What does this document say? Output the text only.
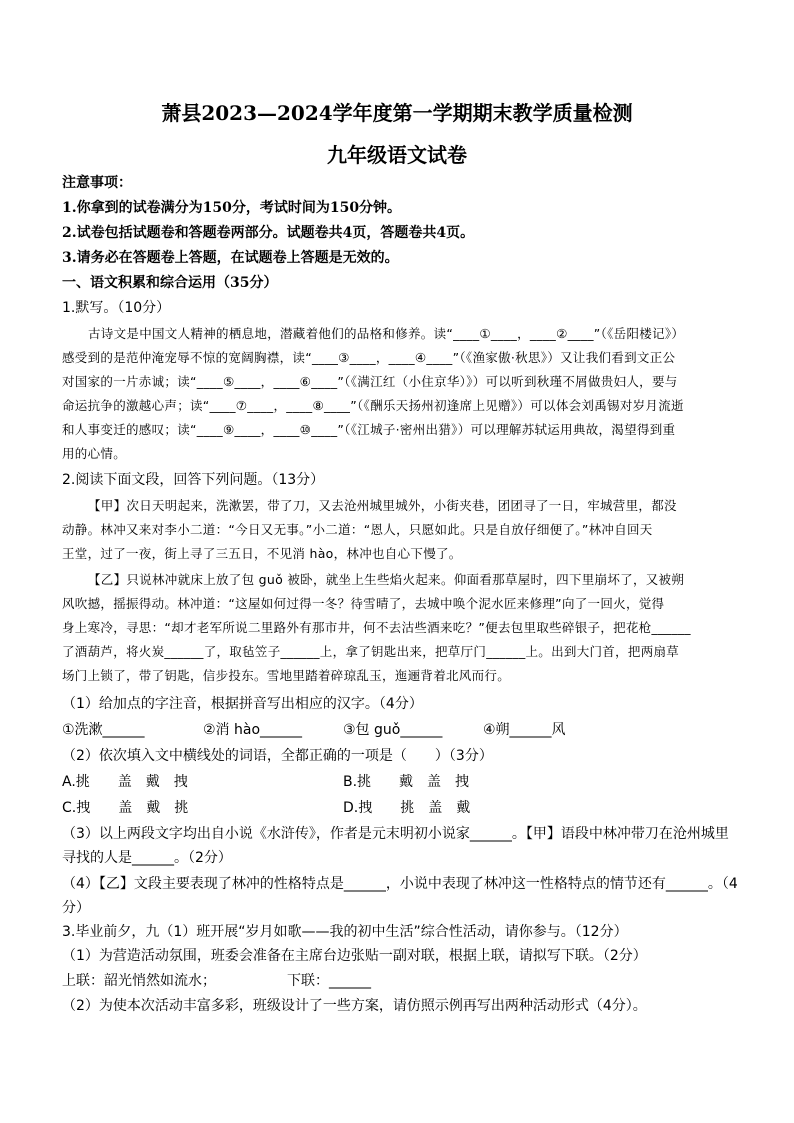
萧县2023—2024学年度第一学期期末教学质量检测
九年级语文试卷
注意事项：
1.你拿到的试卷满分为150分，考试时间为150分钟。
2.试卷包括试题卷和答题卷两部分。试题卷共4页，答题卷共4页。
3.请务必在答题卷上答题，在试题卷上答题是无效的。
一、语文积累和综合运用（35分）
1.默写。（10分）
古诗文是中国文人精神的栖息地，潜藏着他们的品格和修养。读“____①____，____②____”（《岳阳楼记》）
感受到的是范仲淹宠辱不惊的宽阔胸襟，读“____③____，____④____”（《渔家傲·秋思》）又让我们看到文正公
对国家的一片赤诚；读“____⑤____，____⑥____”（《满江红（小住京华）》）可以听到秋瑾不屑做贵妇人，要与
命运抗争的激越心声；读“____⑦____，____⑧____”（《酬乐天扬州初逢席上见赠》）可以体会刘禹锡对岁月流逝
和人事变迁的感叹；读“____⑨____，____⑩____”（《江城子·密州出猎》）可以理解苏轼运用典故，渴望得到重
用的心情。
2.阅读下面文段，回答下列问题。（13分）
【甲】次日天明起来，洗漱罢，带了刀，又去沧州城里城外，小街夹巷，团团寻了一日，牢城营里，都没
动静。林冲又来对李小二道：“今日又无事。”小二道：“恩人，只愿如此。只是自放仔细便了。”林冲自回天
王堂，过了一夜，街上寻了三五日，不见消 hào，林冲也自心下慢了。
【乙】只说林冲就床上放了包 guǒ 被卧，就坐上生些焰火起来。仰面看那草屋时，四下里崩坏了，又被朔
风吹撼，摇振得动。林冲道：“这屋如何过得一冬？待雪晴了，去城中唤个泥水匠来修理”向了一回火，觉得
身上寒冷，寻思：“却才老军所说二里路外有那市井，何不去沽些酒来吃？”便去包里取些碎银子，把花枪______
了酒葫芦，将火炭______了，取毡笠子______上，拿了钥匙出来，把草厅门______上。出到大门首，把两扇草
场门上锁了，带了钥匙，信步投东。雪地里踏着碎琼乱玉，迤逦背着北风而行。
（1）给加点的字注音，根据拼音写出相应的汉字。（4分）
①洗漱______	②消 hào______	③包 guǒ______	④朔______风
（2）依次填入文中横线处的词语，全都正确的一项是（　　）（3分）
A.挑　　盖　戴　拽	B.挑　　戴　盖　拽
C.拽　　盖　戴　挑	D.拽　　挑　盖　戴
（3）以上两段文字均出自小说《水浒传》，作者是元末明初小说家______。【甲】语段中林冲带刀在沧州城里
寻找的人是______。（2分）
（4）【乙】文段主要表现了林冲的性格特点是______，小说中表现了林冲这一性格特点的情节还有______。（4
分）
3.毕业前夕，九（1）班开展“岁月如歌——我的初中生活”综合性活动，请你参与。（12分）
（1）为营造活动氛围，班委会准备在主席台边张贴一副对联，根据上联，请拟写下联。（2分）
上联：韶光悄然如流水；	下联：______
（2）为使本次活动丰富多彩，班级设计了一些方案，请仿照示例再写出两种活动形式（4分）。
